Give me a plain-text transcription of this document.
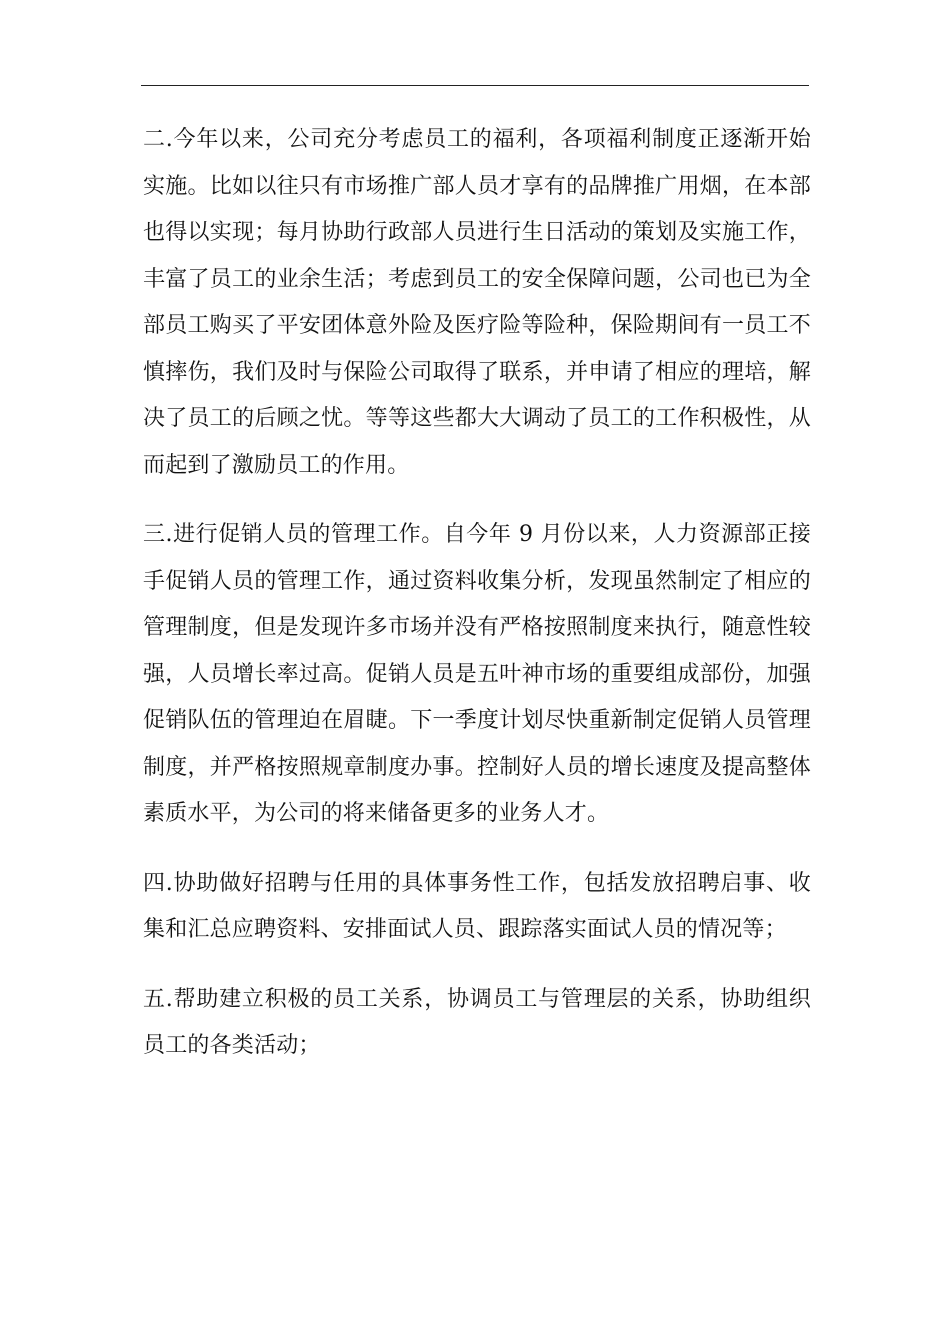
二.今年以来，公司充分考虑员工的福利，各项福利制度正逐渐开始
实施。比如以往只有市场推广部人员才享有的品牌推广用烟，在本部
也得以实现；每月协助行政部人员进行生日活动的策划及实施工作，
丰富了员工的业余生活；考虑到员工的安全保障问题，公司也已为全
部员工购买了平安团体意外险及医疗险等险种，保险期间有一员工不
慎摔伤，我们及时与保险公司取得了联系，并申请了相应的理培，解
决了员工的后顾之忧。等等这些都大大调动了员工的工作积极性，从
而起到了激励员工的作用。

三.进行促销人员的管理工作。自今年 9 月份以来，人力资源部正接
手促销人员的管理工作，通过资料收集分析，发现虽然制定了相应的
管理制度，但是发现许多市场并没有严格按照制度来执行，随意性较
强，人员增长率过高。促销人员是五叶神市场的重要组成部份，加强
促销队伍的管理迫在眉睫。下一季度计划尽快重新制定促销人员管理
制度，并严格按照规章制度办事。控制好人员的增长速度及提高整体
素质水平，为公司的将来储备更多的业务人才。

四.协助做好招聘与任用的具体事务性工作，包括发放招聘启事、收
集和汇总应聘资料、安排面试人员、跟踪落实面试人员的情况等；

五.帮助建立积极的员工关系，协调员工与管理层的关系，协助组织
员工的各类活动；
